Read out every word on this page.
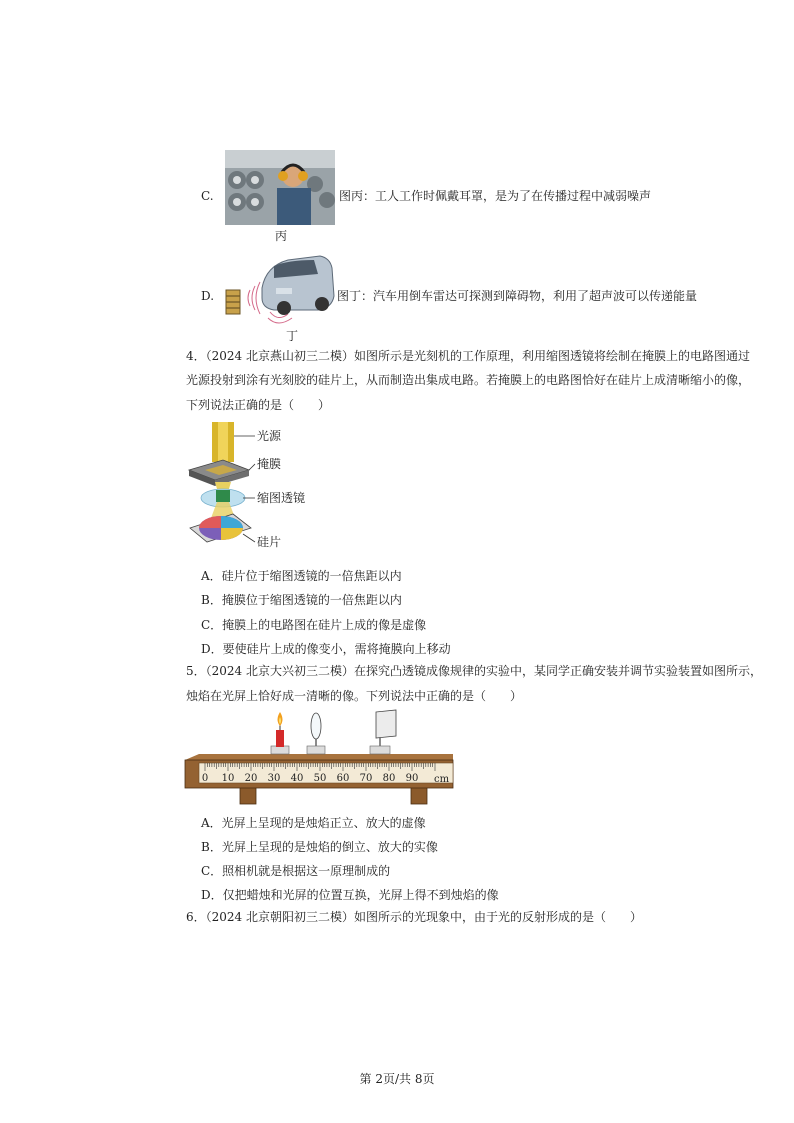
C.
丙
图丙：工人工作时佩戴耳罩，是为了在传播过程中减弱噪声
D.
丁
图丁：汽车用倒车雷达可探测到障碍物，利用了超声波可以传递能量
4．（2024 北京燕山初三二模）如图所示是光刻机的工作原理，利用缩图透镜将绘制在掩膜上的电路图通过
光源投射到涂有光刻胶的硅片上，从而制造出集成电路。若掩膜上的电路图恰好在硅片上成清晰缩小的像，
下列说法正确的是（　　）
光源
掩膜
缩图透镜
硅片
A．硅片位于缩图透镜的一倍焦距以内
B．掩膜位于缩图透镜的一倍焦距以内
C．掩膜上的电路图在硅片上成的像是虚像
D．要使硅片上成的像变小，需将掩膜向上移动
5．（2024 北京大兴初三二模）在探究凸透镜成像规律的实验中，某同学正确安装并调节实验装置如图所示，
烛焰在光屏上恰好成一清晰的像。下列说法中正确的是（　　）
0 10 20 30 40 50 60 70 80 90 cm
A．光屏上呈现的是烛焰正立、放大的虚像
B．光屏上呈现的是烛焰的倒立、放大的实像
C．照相机就是根据这一原理制成的
D．仅把蜡烛和光屏的位置互换，光屏上得不到烛焰的像
6．（2024 北京朝阳初三二模）如图所示的光现象中，由于光的反射形成的是（　　）
第 2页/共 8页
